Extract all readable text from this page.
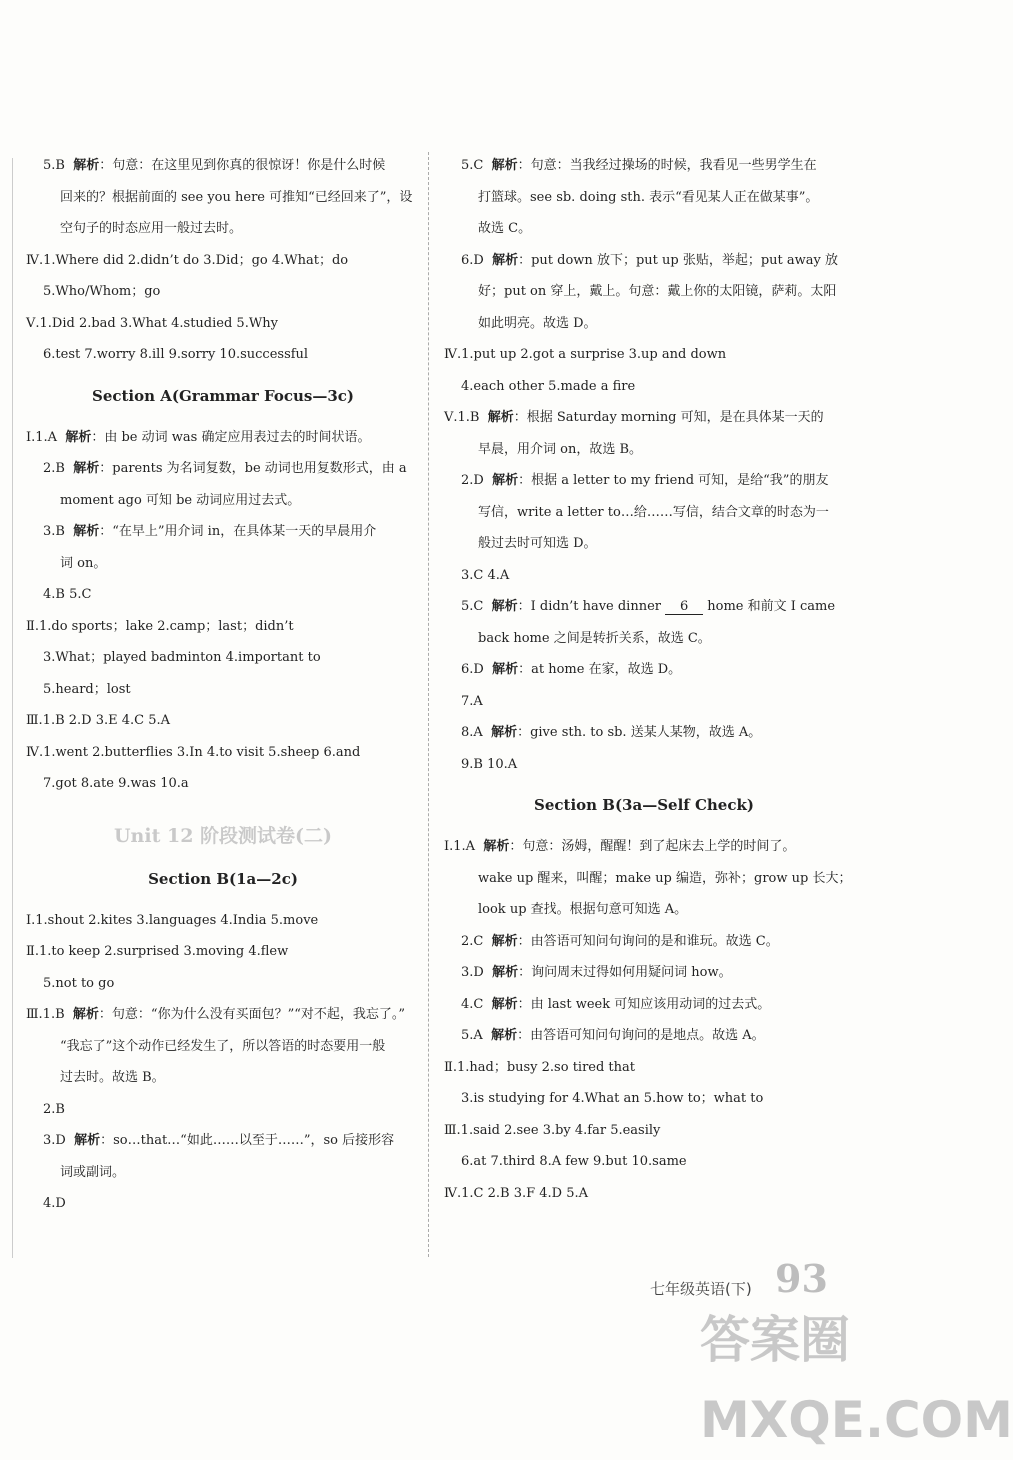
5.B 解析：句意：在这里见到你真的很惊讶！你是什么时候
回来的？根据前面的 see you here 可推知“已经回来了”，设
空句子的时态应用一般过去时。
Ⅳ.1.Where did 2.didn’t do 3.Did；go 4.What；do
5.Who/Whom；go
Ⅴ.1.Did 2.bad 3.What 4.studied 5.Why
6.test 7.worry 8.ill 9.sorry 10.successful
Section A(Grammar Focus—3c)
Ⅰ.1.A 解析：由 be 动词 was 确定应用表过去的时间状语。
2.B 解析：parents 为名词复数，be 动词也用复数形式，由 a
moment ago 可知 be 动词应用过去式。
3.B 解析：“在早上”用介词 in，在具体某一天的早晨用介
词 on。
4.B 5.C
Ⅱ.1.do sports；lake 2.camp；last；didn’t
3.What；played badminton 4.important to
5.heard；lost
Ⅲ.1.B 2.D 3.E 4.C 5.A
Ⅳ.1.went 2.butterflies 3.In 4.to visit 5.sheep 6.and
7.got 8.ate 9.was 10.a
Unit 12 阶段测试卷(二)
Section B(1a—2c)
Ⅰ.1.shout 2.kites 3.languages 4.India 5.move
Ⅱ.1.to keep 2.surprised 3.moving 4.flew
5.not to go
Ⅲ.1.B 解析：句意：“你为什么没有买面包？”“对不起，我忘了。”
“我忘了”这个动作已经发生了，所以答语的时态要用一般
过去时。故选 B。
2.B
3.D 解析：so…that…“如此……以至于……”，so 后接形容
词或副词。
4.D
5.C 解析：句意：当我经过操场的时候，我看见一些男学生在
打篮球。see sb. doing sth. 表示“看见某人正在做某事”。
故选 C。
6.D 解析：put down 放下；put up 张贴，举起；put away 放
好；put on 穿上，戴上。句意：戴上你的太阳镜，萨莉。太阳
如此明亮。故选 D。
Ⅳ.1.put up 2.got a surprise 3.up and down
4.each other 5.made a fire
Ⅴ.1.B 解析：根据 Saturday morning 可知，是在具体某一天的
早晨，用介词 on，故选 B。
2.D 解析：根据 a letter to my friend 可知，是给“我”的朋友
写信，write a letter to…给……写信，结合文章的时态为一
般过去时可知选 D。
3.C 4.A
5.C 解析：I didn’t have dinner 6 home 和前文 I came
back home 之间是转折关系，故选 C。
6.D 解析：at home 在家，故选 D。
7.A
8.A 解析：give sth. to sb. 送某人某物，故选 A。
9.B 10.A
Section B(3a—Self Check)
Ⅰ.1.A 解析：句意：汤姆，醒醒！到了起床去上学的时间了。
wake up 醒来，叫醒；make up 编造，弥补；grow up 长大；
look up 查找。根据句意可知选 A。
2.C 解析：由答语可知问句询问的是和谁玩。故选 C。
3.D 解析：询问周末过得如何用疑问词 how。
4.C 解析：由 last week 可知应该用动词的过去式。
5.A 解析：由答语可知问句询问的是地点。故选 A。
Ⅱ.1.had；busy 2.so tired that
3.is studying for 4.What an 5.how to；what to
Ⅲ.1.said 2.see 3.by 4.far 5.easily
6.at 7.third 8.A few 9.but 10.same
Ⅳ.1.C 2.B 3.F 4.D 5.A
七年级英语(下) 93
答案圈 MXQE.COM
